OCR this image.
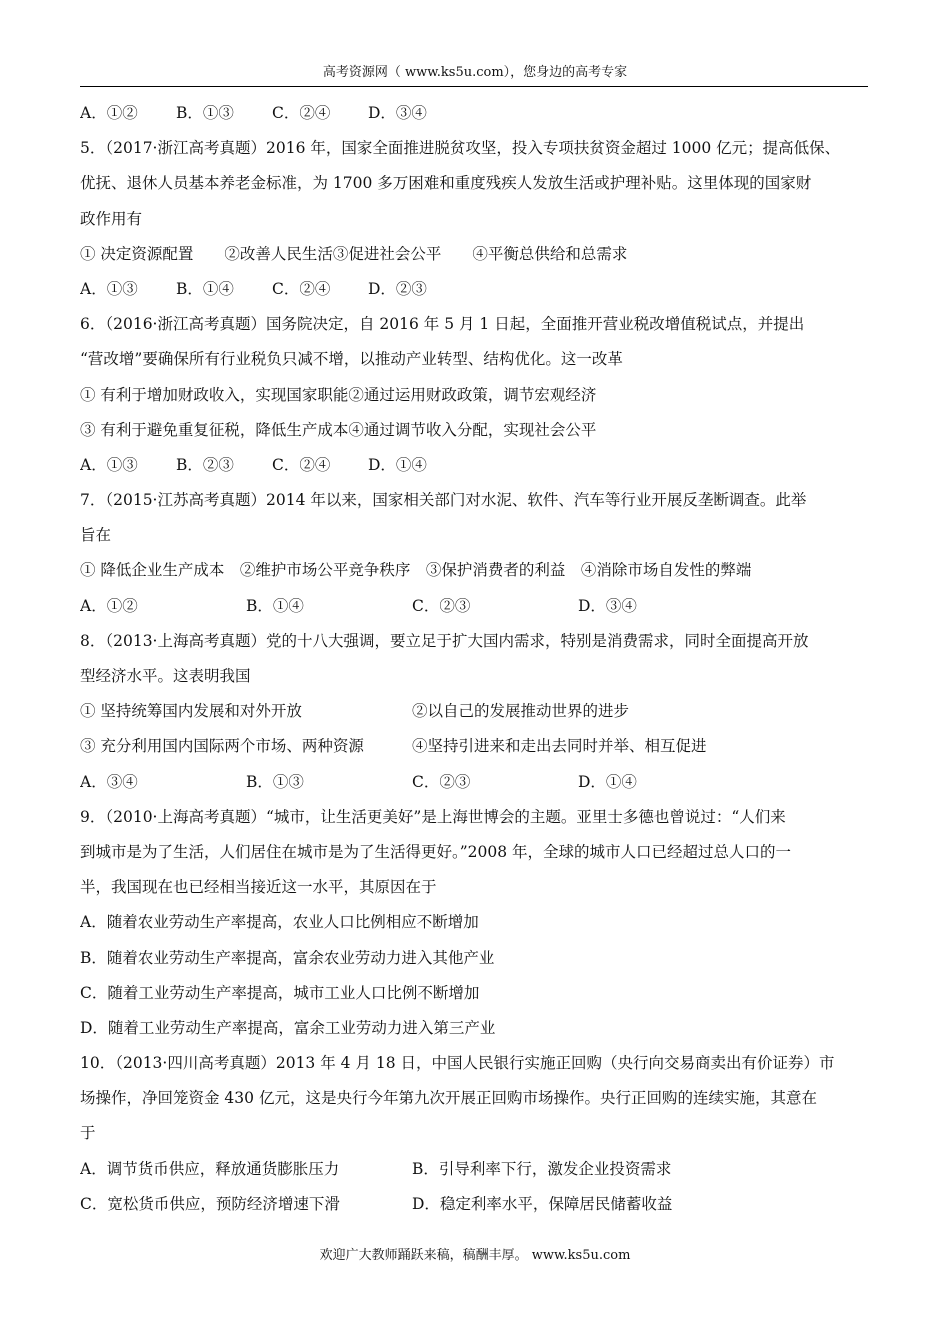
高考资源网（ www.ks5u.com），您身边的高考专家
A．①②	B．①③	C．②④	D．③④
5．（2017·浙江高考真题）2016 年，国家全面推进脱贫攻坚，投入专项扶贫资金超过 1000 亿元；提高低保、
优抚、退休人员基本养老金标准，为 1700 多万困难和重度残疾人发放生活或护理补贴。这里体现的国家财
政作用有
① 决定资源配置　　②改善人民生活③促进社会公平　　④平衡总供给和总需求
A．①③	B．①④	C．②④	D．②③
6．（2016·浙江高考真题）国务院决定，自 2016 年 5 月 1 日起，全面推开营业税改增值税试点，并提出
“营改增”要确保所有行业税负只减不增，以推动产业转型、结构优化。这一改革
① 有利于增加财政收入，实现国家职能②通过运用财政政策，调节宏观经济
③ 有利于避免重复征税，降低生产成本④通过调节收入分配，实现社会公平
A．①③	B．②③	C．②④	D．①④
7．（2015·江苏高考真题）2014 年以来，国家相关部门对水泥、软件、汽车等行业开展反垄断调查。此举
旨在
① 降低企业生产成本　②维护市场公平竞争秩序　③保护消费者的利益　④消除市场自发性的弊端
A．①②	B．①④	C．②③	D．③④
8．（2013·上海高考真题）党的十八大强调，要立足于扩大国内需求，特别是消费需求，同时全面提高开放
型经济水平。这表明我国
① 坚持统筹国内发展和对外开放	②以自己的发展推动世界的进步
③ 充分利用国内国际两个市场、两种资源	④坚持引进来和走出去同时并举、相互促进
A．③④	B．①③	C．②③	D．①④
9．（2010·上海高考真题）“城市，让生活更美好”是上海世博会的主题。亚里士多德也曾说过：“人们来
到城市是为了生活，人们居住在城市是为了生活得更好。”2008 年，全球的城市人口已经超过总人口的一
半，我国现在也已经相当接近这一水平，其原因在于
A．随着农业劳动生产率提高，农业人口比例相应不断增加
B．随着农业劳动生产率提高，富余农业劳动力进入其他产业
C．随着工业劳动生产率提高，城市工业人口比例不断增加
D．随着工业劳动生产率提高，富余工业劳动力进入第三产业
10．（2013·四川高考真题）2013 年 4 月 18 日，中国人民银行实施正回购（央行向交易商卖出有价证券）市
场操作，净回笼资金 430 亿元，这是央行今年第九次开展正回购市场操作。央行正回购的连续实施，其意在
于
A．调节货币供应，释放通货膨胀压力	B．引导利率下行，激发企业投资需求
C．宽松货币供应，预防经济增速下滑	D．稳定利率水平，保障居民储蓄收益
欢迎广大教师踊跃来稿，稿酬丰厚。 www.ks5u.com
